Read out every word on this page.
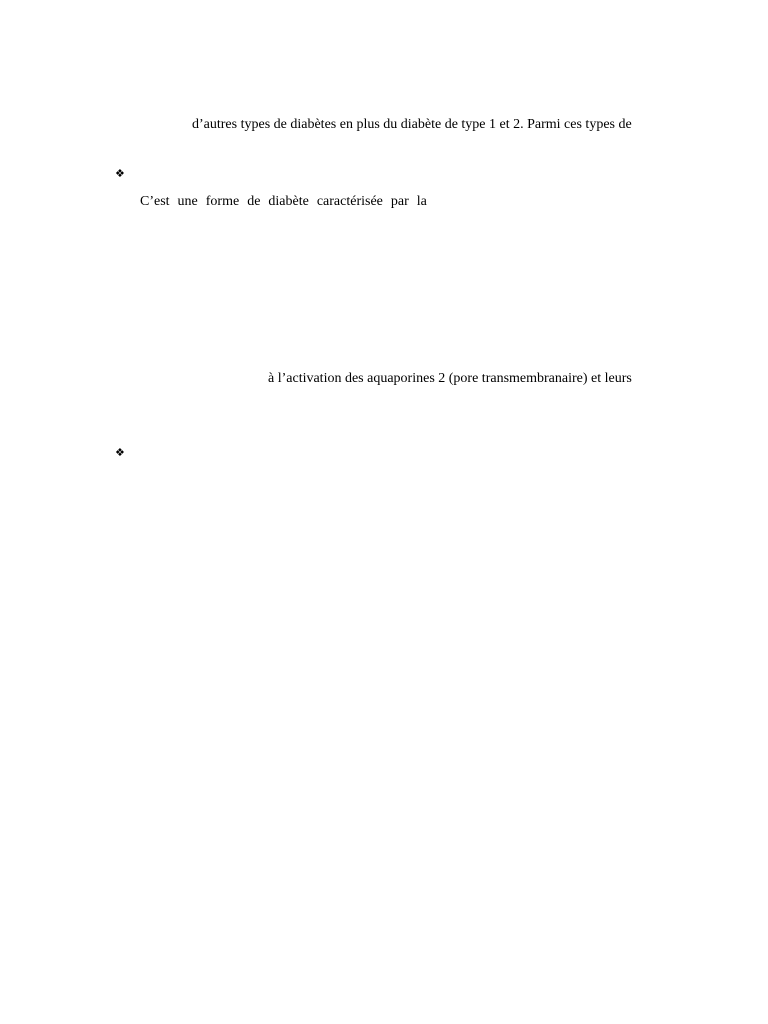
d’autres types de diabètes en plus du diabète de type 1 et 2. Parmi ces types de
❖
C’est une forme de diabète caractérisée par la
à l’activation des aquaporines 2 (pore transmembranaire) et leurs
❖
